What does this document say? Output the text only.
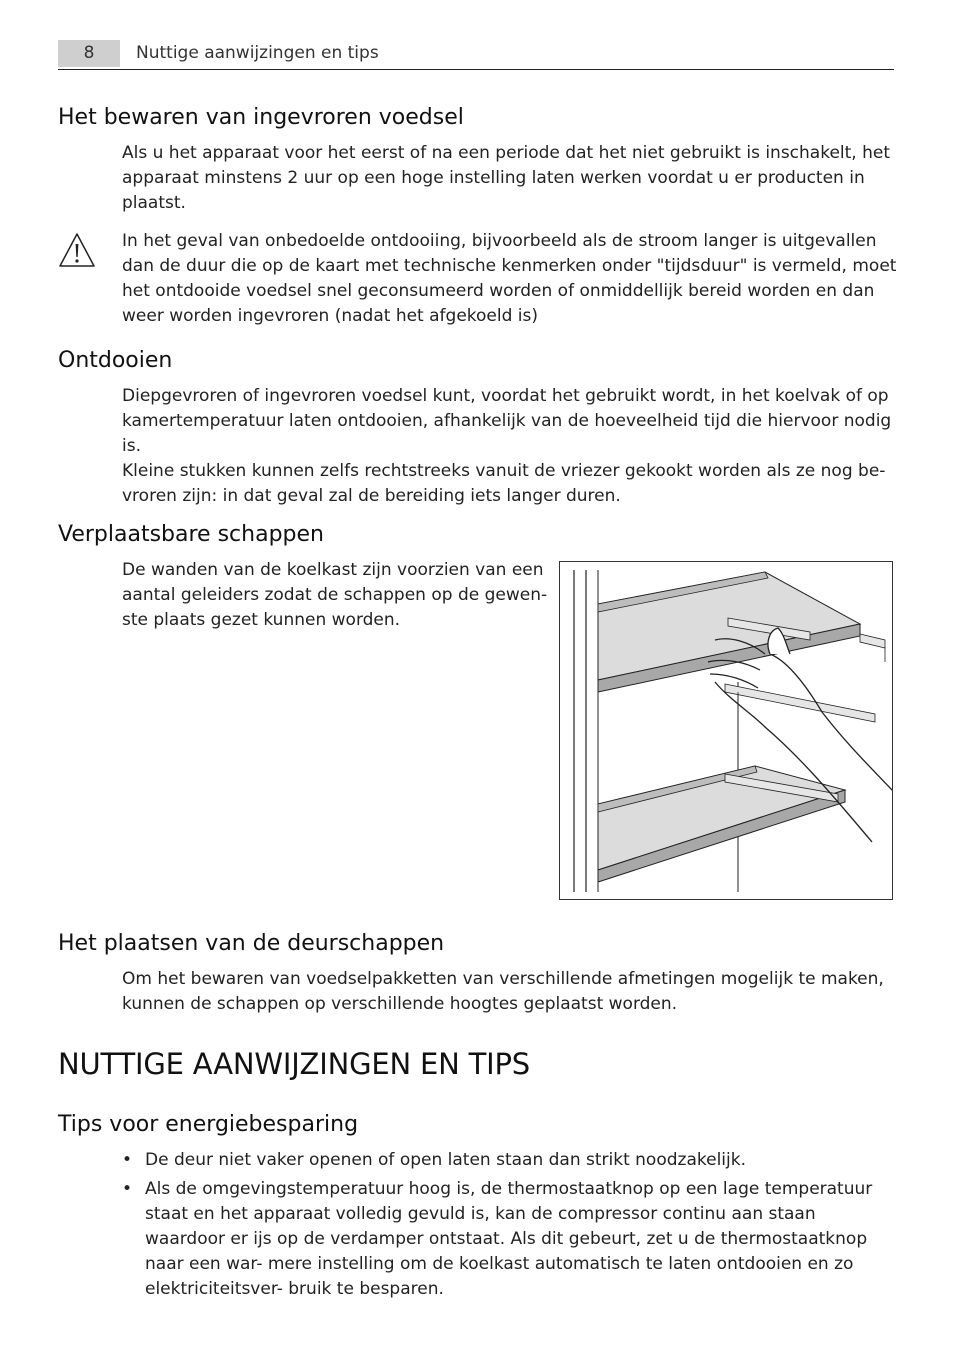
8	Nuttige aanwijzingen en tips
Het bewaren van ingevroren voedsel
Als u het apparaat voor het eerst of na een periode dat het niet gebruikt is inschakelt, het
apparaat minstens 2 uur op een hoge instelling laten werken voordat u er producten in
plaatst.
In het geval van onbedoelde ontdooiing, bijvoorbeeld als de stroom langer is uitgevallen
dan de duur die op de kaart met technische kenmerken onder "tijdsduur" is vermeld, moet
het ontdooide voedsel snel geconsumeerd worden of onmiddellijk bereid worden en dan
weer worden ingevroren (nadat het afgekoeld is)
Ontdooien
Diepgevroren of ingevroren voedsel kunt, voordat het gebruikt wordt, in het koelvak of op
kamertemperatuur laten ontdooien, afhankelijk van de hoeveelheid tijd die hiervoor nodig
is.
Kleine stukken kunnen zelfs rechtstreeks vanuit de vriezer gekookt worden als ze nog be-
vroren zijn: in dat geval zal de bereiding iets langer duren.
Verplaatsbare schappen
De wanden van de koelkast zijn voorzien van een
aantal geleiders zodat de schappen op de gewen-
ste plaats gezet kunnen worden.
Het plaatsen van de deurschappen
Om het bewaren van voedselpakketten van verschillende afmetingen mogelijk te maken,
kunnen de schappen op verschillende hoogtes geplaatst worden.
NUTTIGE AANWIJZINGEN EN TIPS
Tips voor energiebesparing
• De deur niet vaker openen of open laten staan dan strikt noodzakelijk.
• Als de omgevingstemperatuur hoog is, de thermostaatknop op een lage temperatuur staat en het apparaat volledig gevuld is, kan de compressor continu aan staan waardoor er ijs op de verdamper ontstaat. Als dit gebeurt, zet u de thermostaatknop naar een war- mere instelling om de koelkast automatisch te laten ontdooien en zo elektriciteitsver- bruik te besparen.
